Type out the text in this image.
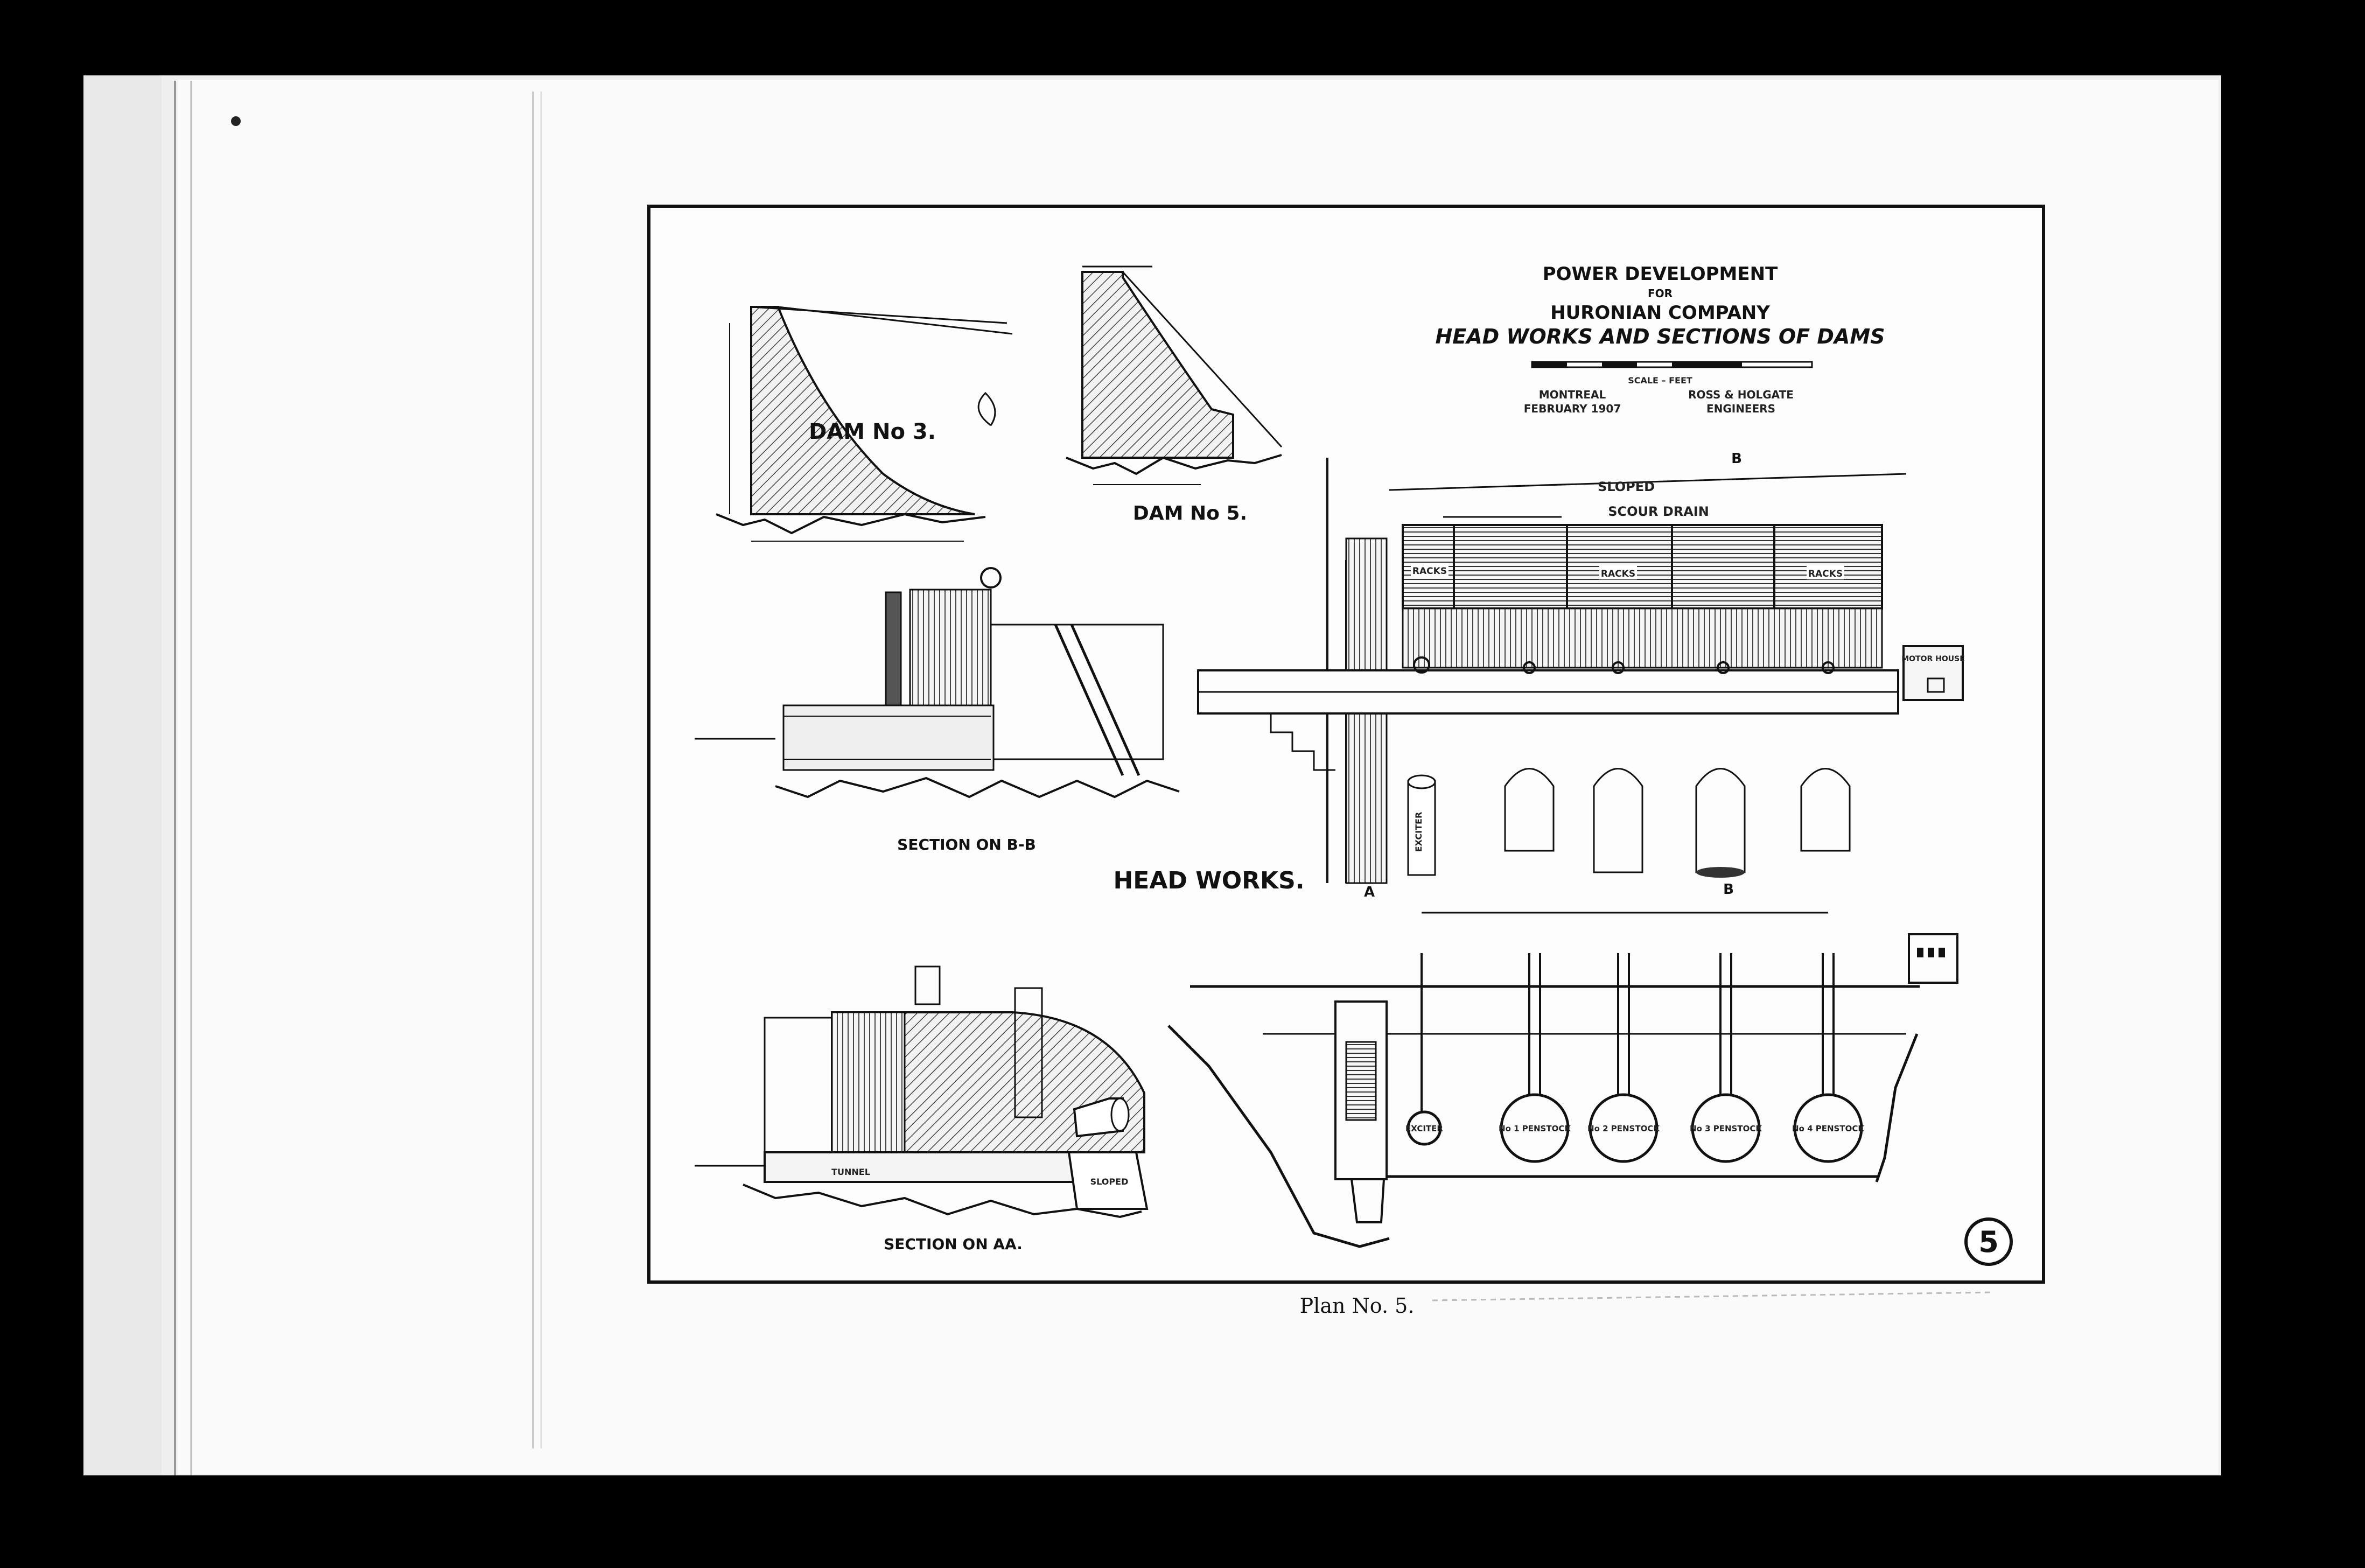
POWER DEVELOPMENT
FOR
HURONIAN COMPANY
HEAD WORKS AND SECTIONS OF DAMS
SCALE – FEET
MONTREAL
FEBRUARY 1907
ROSS & HOLGATE
ENGINEERS
DAM No 3.
DAM No 5.
SECTION ON B-B
HEAD WORKS.
SLOPED
SCOUR DRAIN
RACKS	RACKS	RACKS
MOTOR HOUSE
EXCITER
A	B
B
TUNNEL
SLOPED
SECTION ON AA.
EXCITER	No 1 PENSTOCK No 2 PENSTOCK	No 3 PENSTOCK	No 4 PENSTOCK
5
Plan No. 5.
